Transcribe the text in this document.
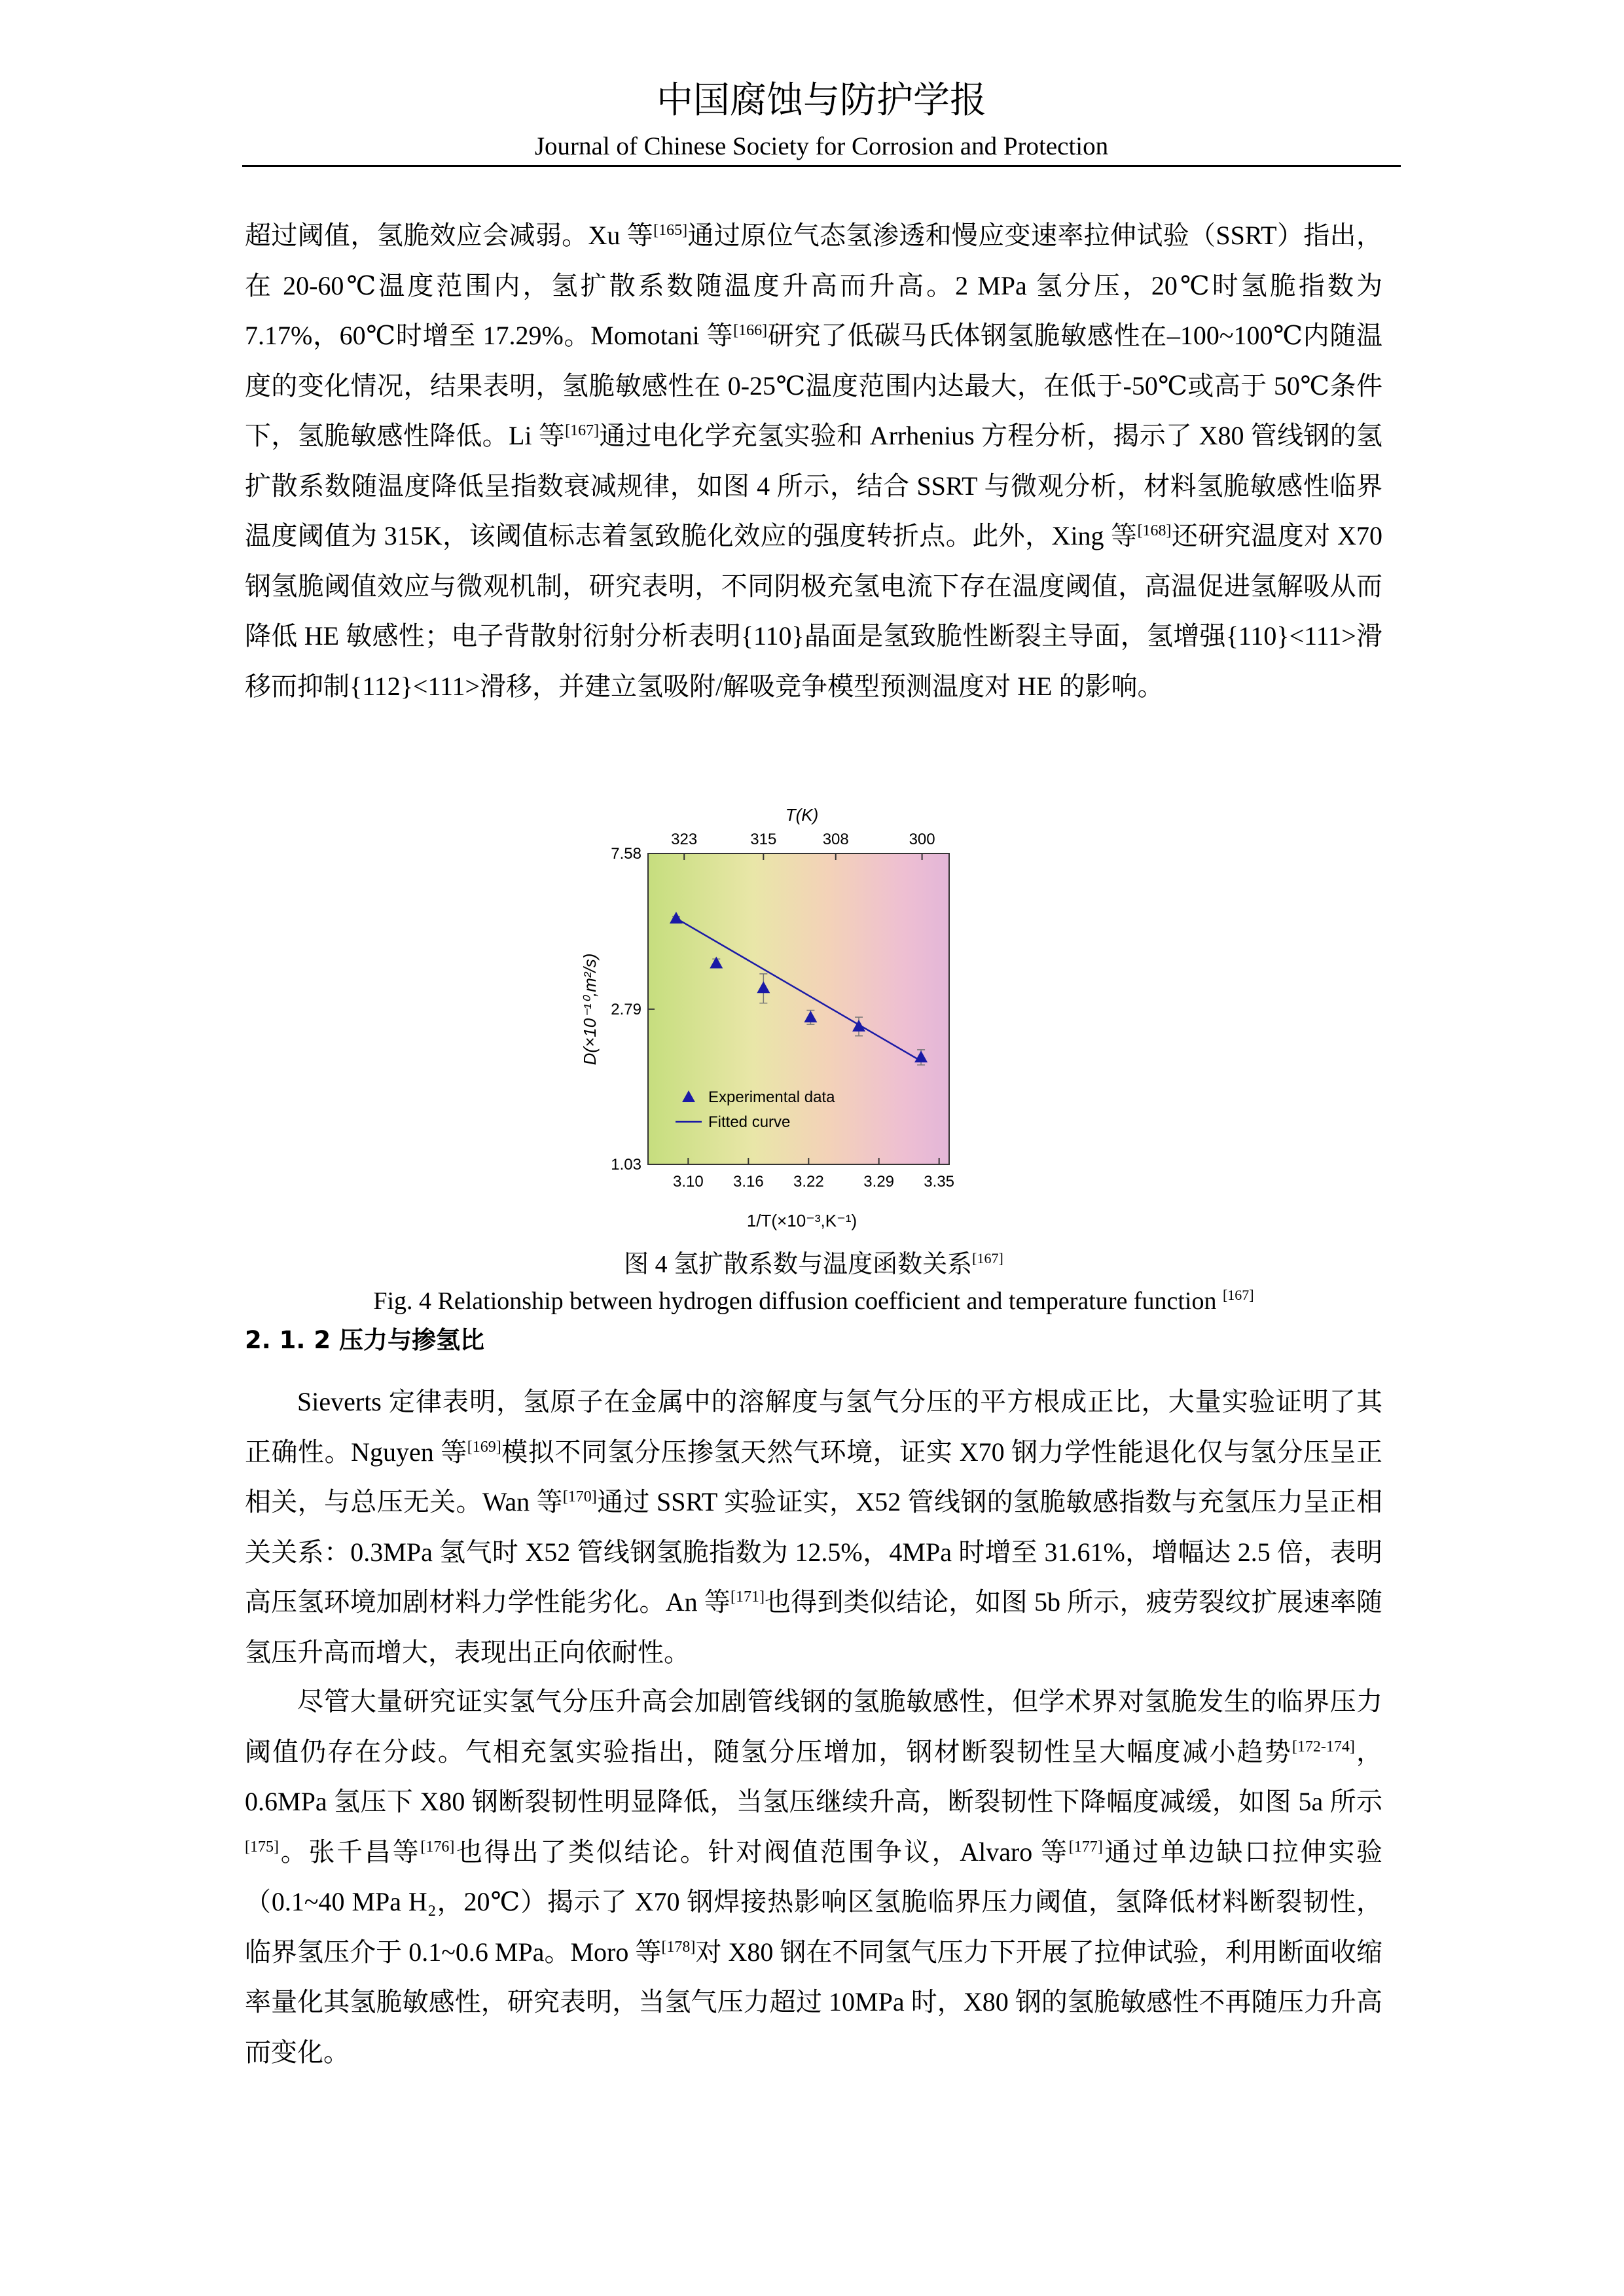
中国腐蚀与防护学报
Journal of Chinese Society for Corrosion and Protection
超过阈值，氢脆效应会减弱。Xu 等[165]通过原位气态氢渗透和慢应变速率拉伸试验（SSRT）指出，在 20-60℃温度范围内，氢扩散系数随温度升高而升高。2 MPa 氢分压，20℃时氢脆指数为 7.17%，60℃时增至 17.29%。Momotani 等[166]研究了低碳马氏体钢氢脆敏感性在–100~100℃内随温度的变化情况，结果表明，氢脆敏感性在 0-25℃温度范围内达最大，在低于-50℃或高于 50℃条件下，氢脆敏感性降低。Li 等[167]通过电化学充氢实验和 Arrhenius 方程分析，揭示了 X80 管线钢的氢扩散系数随温度降低呈指数衰减规律，如图 4 所示，结合 SSRT 与微观分析，材料氢脆敏感性临界温度阈值为 315K，该阈值标志着氢致脆化效应的强度转折点。此外，Xing 等[168]还研究温度对 X70 钢氢脆阈值效应与微观机制，研究表明，不同阴极充氢电流下存在温度阈值，高温促进氢解吸从而降低 HE 敏感性；电子背散射衍射分析表明{110}晶面是氢致脆性断裂主导面，氢增强{110}<111>滑移而抑制{112}<111>滑移，并建立氢吸附/解吸竞争模型预测温度对 HE 的影响。
3.10 3.16 3.22	3.29 3.35
323	315	308	300
7.58
2.79
1.03
T(K)
1/T(×10⁻³,K⁻¹)
D(×10⁻¹⁰,m²/s)
Experimental data
Fitted curve
图 4 氢扩散系数与温度函数关系[167]
Fig. 4 Relationship between hydrogen diffusion coefficient and temperature function [167]
2. 1. 2 压力与掺氢比
Sieverts 定律表明，氢原子在金属中的溶解度与氢气分压的平方根成正比，大量实验证明了其正确性。Nguyen 等[169]模拟不同氢分压掺氢天然气环境，证实 X70 钢力学性能退化仅与氢分压呈正相关，与总压无关。Wan 等[170]通过 SSRT 实验证实，X52 管线钢的氢脆敏感指数与充氢压力呈正相关关系：0.3MPa 氢气时 X52 管线钢氢脆指数为 12.5%，4MPa 时增至 31.61%，增幅达 2.5 倍，表明高压氢环境加剧材料力学性能劣化。An 等[171]也得到类似结论，如图 5b 所示，疲劳裂纹扩展速率随氢压升高而增大，表现出正向依耐性。
尽管大量研究证实氢气分压升高会加剧管线钢的氢脆敏感性，但学术界对氢脆发生的临界压力阈值仍存在分歧。气相充氢实验指出，随氢分压增加，钢材断裂韧性呈大幅度减小趋势[172-174]，0.6MPa 氢压下 X80 钢断裂韧性明显降低，当氢压继续升高，断裂韧性下降幅度减缓，如图 5a 所示[175]。张千昌等[176]也得出了类似结论。针对阀值范围争议，Alvaro 等[177]通过单边缺口拉伸实验（0.1~40 MPa H₂，20℃）揭示了 X70 钢焊接热影响区氢脆临界压力阈值，氢降低材料断裂韧性，临界氢压介于 0.1~0.6 MPa。Moro 等[178]对 X80 钢在不同氢气压力下开展了拉伸试验，利用断面收缩率量化其氢脆敏感性，研究表明，当氢气压力超过 10MPa 时，X80 钢的氢脆敏感性不再随压力升高而变化。
